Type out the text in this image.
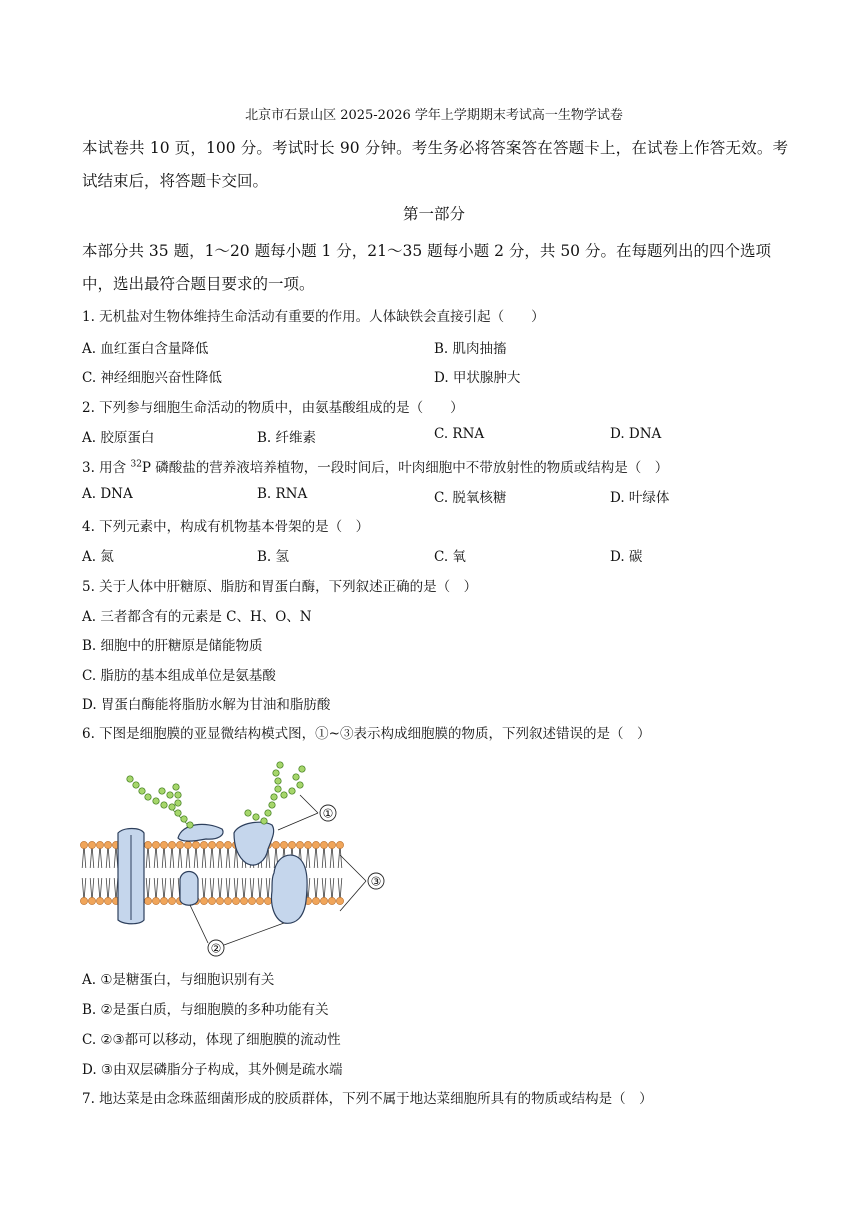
北京市石景山区 2025-2026 学年上学期期末考试高一生物学试卷
本试卷共 10 页，100 分。考试时长 90 分钟。考生务必将答案答在答题卡上，在试卷上作答无效。考试结束后，将答题卡交回。
第一部分
本部分共 35 题，1～20 题每小题 1 分，21～35 题每小题 2 分，共 50 分。在每题列出的四个选项中，选出最符合题目要求的一项。
1. 无机盐对生物体维持生命活动有重要的作用。人体缺铁会直接引起（　　）
A. 血红蛋白含量降低	B. 肌肉抽搐
C. 神经细胞兴奋性降低	D. 甲状腺肿大
2. 下列参与细胞生命活动的物质中，由氨基酸组成的是（　　）
A. 胶原蛋白	B. 纤维素	C. RNA	D. DNA
3. 用含 $^{32}$P 磷酸盐的营养液培养植物，一段时间后，叶肉细胞中不带放射性的物质或结构是（　）
A. DNA	B. RNA	C. 脱氧核糖	D. 叶绿体
4. 下列元素中，构成有机物基本骨架的是（　）
A. 氮	B. 氢	C. 氧	D. 碳
5. 关于人体中肝糖原、脂肪和胃蛋白酶，下列叙述正确的是（　）
A. 三者都含有的元素是 C、H、O、N
B. 细胞中的肝糖原是储能物质
C. 脂肪的基本组成单位是氨基酸
D. 胃蛋白酶能将脂肪水解为甘油和脂肪酸
6. 下图是细胞膜的亚显微结构模式图，①~③表示构成细胞膜的物质，下列叙述错误的是（　）
①
②
③
A. ①是糖蛋白，与细胞识别有关
B. ②是蛋白质，与细胞膜的多种功能有关
C. ②③都可以移动，体现了细胞膜的流动性
D. ③由双层磷脂分子构成，其外侧是疏水端
7. 地达菜是由念珠蓝细菌形成的胶质群体，下列不属于地达菜细胞所具有的物质或结构是（　）
